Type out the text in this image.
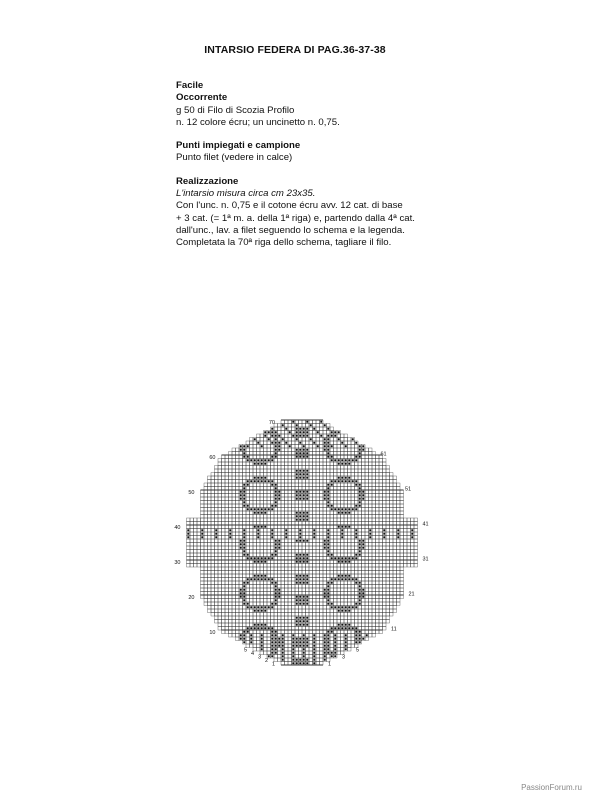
INTARSIO FEDERA DI PAG.36-37-38
Facile
Occorrente
g 50 di Filo di Scozia Profilo
n. 12 colore écru; un uncinetto n. 0,75.
Punti impiegati e campione
Punto filet (vedere in calce)
Realizzazione
L'intarsio misura circa cm 23x35.
Con l'unc. n. 0,75 e il cotone écru avv. 12 cat. di base
+ 3 cat. (= 1ª m. a. della 1ª riga) e, partendo dalla 4ª cat.
dall'unc., lav. a filet seguendo lo schema e la legenda.
Completata la 70ª riga dello schema, tagliare il filo.
1
2
3
4
5
10
20
30
40
50
60
70
1
3
5
11
21
31
41
51
61
PassionForum.ru
